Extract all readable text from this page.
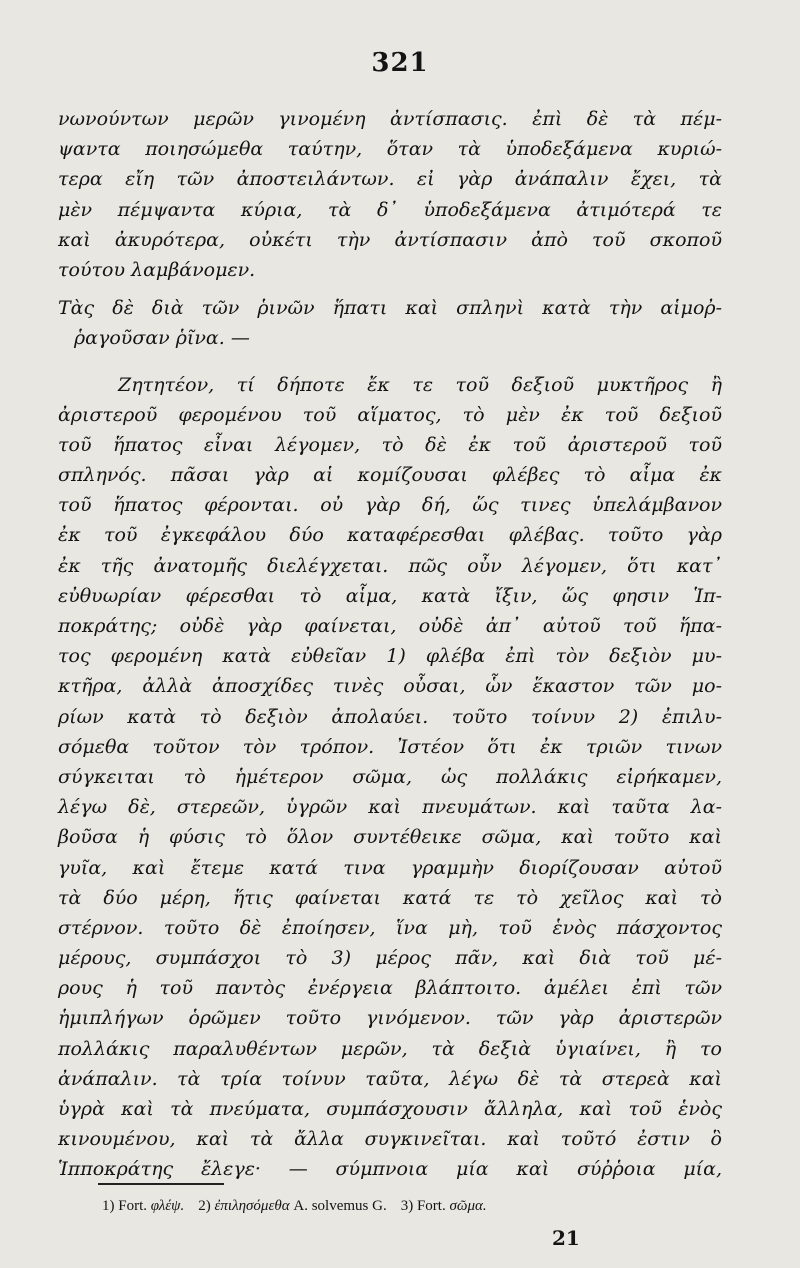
321
νωνούντων μερῶν γινομένη ἀντίσπασις. ἐπὶ δὲ τὰ πέμ-
ψαντα ποιησώμεθα ταύτην, ὅταν τὰ ὑποδεξάμενα κυριώ-
τερα εἴη τῶν ἀποστειλάντων. εἰ γὰρ ἀνάπαλιν ἔχει, τὰ
μὲν πέμψαντα κύρια, τὰ δ᾿ ὑποδεξάμενα ἀτιμότερά τε
καὶ ἀκυρότερα, οὐκέτι τὴν ἀντίσπασιν ἀπὸ τοῦ σκοποῦ
τούτου λαμβάνομεν.
Τὰς δὲ διὰ τῶν ῥινῶν ἥπατι καὶ σπληνὶ κατὰ τὴν αἱμοῤ-
ῥαγοῦσαν ῥῖνα. —
Ζητητέον, τί δήποτε ἔκ τε τοῦ δεξιοῦ μυκτῆρος ἢ
ἀριστεροῦ φερομένου τοῦ αἵματος, τὸ μὲν ἐκ τοῦ δεξιοῦ
τοῦ ἥπατος εἶναι λέγομεν, τὸ δὲ ἐκ τοῦ ἀριστεροῦ τοῦ
σπληνός. πᾶσαι γὰρ αἱ κομίζουσαι φλέβες τὸ αἷμα ἐκ
τοῦ ἥπατος φέρονται. οὐ γὰρ δή, ὥς τινες ὑπελάμβανον
ἐκ τοῦ ἐγκεφάλου δύο καταφέρεσθαι φλέβας. τοῦτο γὰρ
ἐκ τῆς ἀνατομῆς διελέγχεται. πῶς οὖν λέγομεν, ὅτι κατ᾿
εὐθυωρίαν φέρεσθαι τὸ αἷμα, κατὰ ἴξιν, ὥς φησιν Ἱπ-
ποκράτης; οὐδὲ γὰρ φαίνεται, οὐδὲ ἀπ᾿ αὐτοῦ τοῦ ἥπα-
τος φερομένη κατὰ εὐθεῖαν 1) φλέβα ἐπὶ τὸν δεξιὸν μυ-
κτῆρα, ἀλλὰ ἀποσχίδες τινὲς οὖσαι, ὧν ἕκαστον τῶν μο-
ρίων κατὰ τὸ δεξιὸν ἀπολαύει. τοῦτο τοίνυν 2) ἐπιλυ-
σόμεθα τοῦτον τὸν τρόπον. Ἰστέον ὅτι ἐκ τριῶν τινων
σύγκειται τὸ ἡμέτερον σῶμα, ὡς πολλάκις εἰρήκαμεν,
λέγω δὲ, στερεῶν, ὑγρῶν καὶ πνευμάτων. καὶ ταῦτα λα-
βοῦσα ἡ φύσις τὸ ὅλον συντέθεικε σῶμα, καὶ τοῦτο καὶ
γυῖα, καὶ ἔτεμε κατά τινα γραμμὴν διορίζουσαν αὐτοῦ
τὰ δύο μέρη, ἥτις φαίνεται κατά τε τὸ χεῖλος καὶ τὸ
στέρνον. τοῦτο δὲ ἐποίησεν, ἵνα μὴ, τοῦ ἑνὸς πάσχοντος
μέρους, συμπάσχοι τὸ 3) μέρος πᾶν, καὶ διὰ τοῦ μέ-
ρους ἡ τοῦ παντὸς ἐνέργεια βλάπτοιτο. ἀμέλει ἐπὶ τῶν
ἡμιπλήγων ὁρῶμεν τοῦτο γινόμενον. τῶν γὰρ ἀριστερῶν
πολλάκις παραλυθέντων μερῶν, τὰ δεξιὰ ὑγιαίνει, ἢ το
ἀνάπαλιν. τὰ τρία τοίνυν ταῦτα, λέγω δὲ τὰ στερεὰ καὶ
ὑγρὰ καὶ τὰ πνεύματα, συμπάσχουσιν ἄλληλα, καὶ τοῦ ἑνὸς
κινουμένου, καὶ τὰ ἄλλα συγκινεῖται. καὶ τοῦτό ἐστιν ὃ
Ἱπποκράτης ἔλεγε· — σύμπνοια μία καὶ σύῤῥοια μία,
1) Fort. φλέψ. 2) ἐπιλησόμεθα A. solvemus G. 3) Fort. σῶμα.
21
